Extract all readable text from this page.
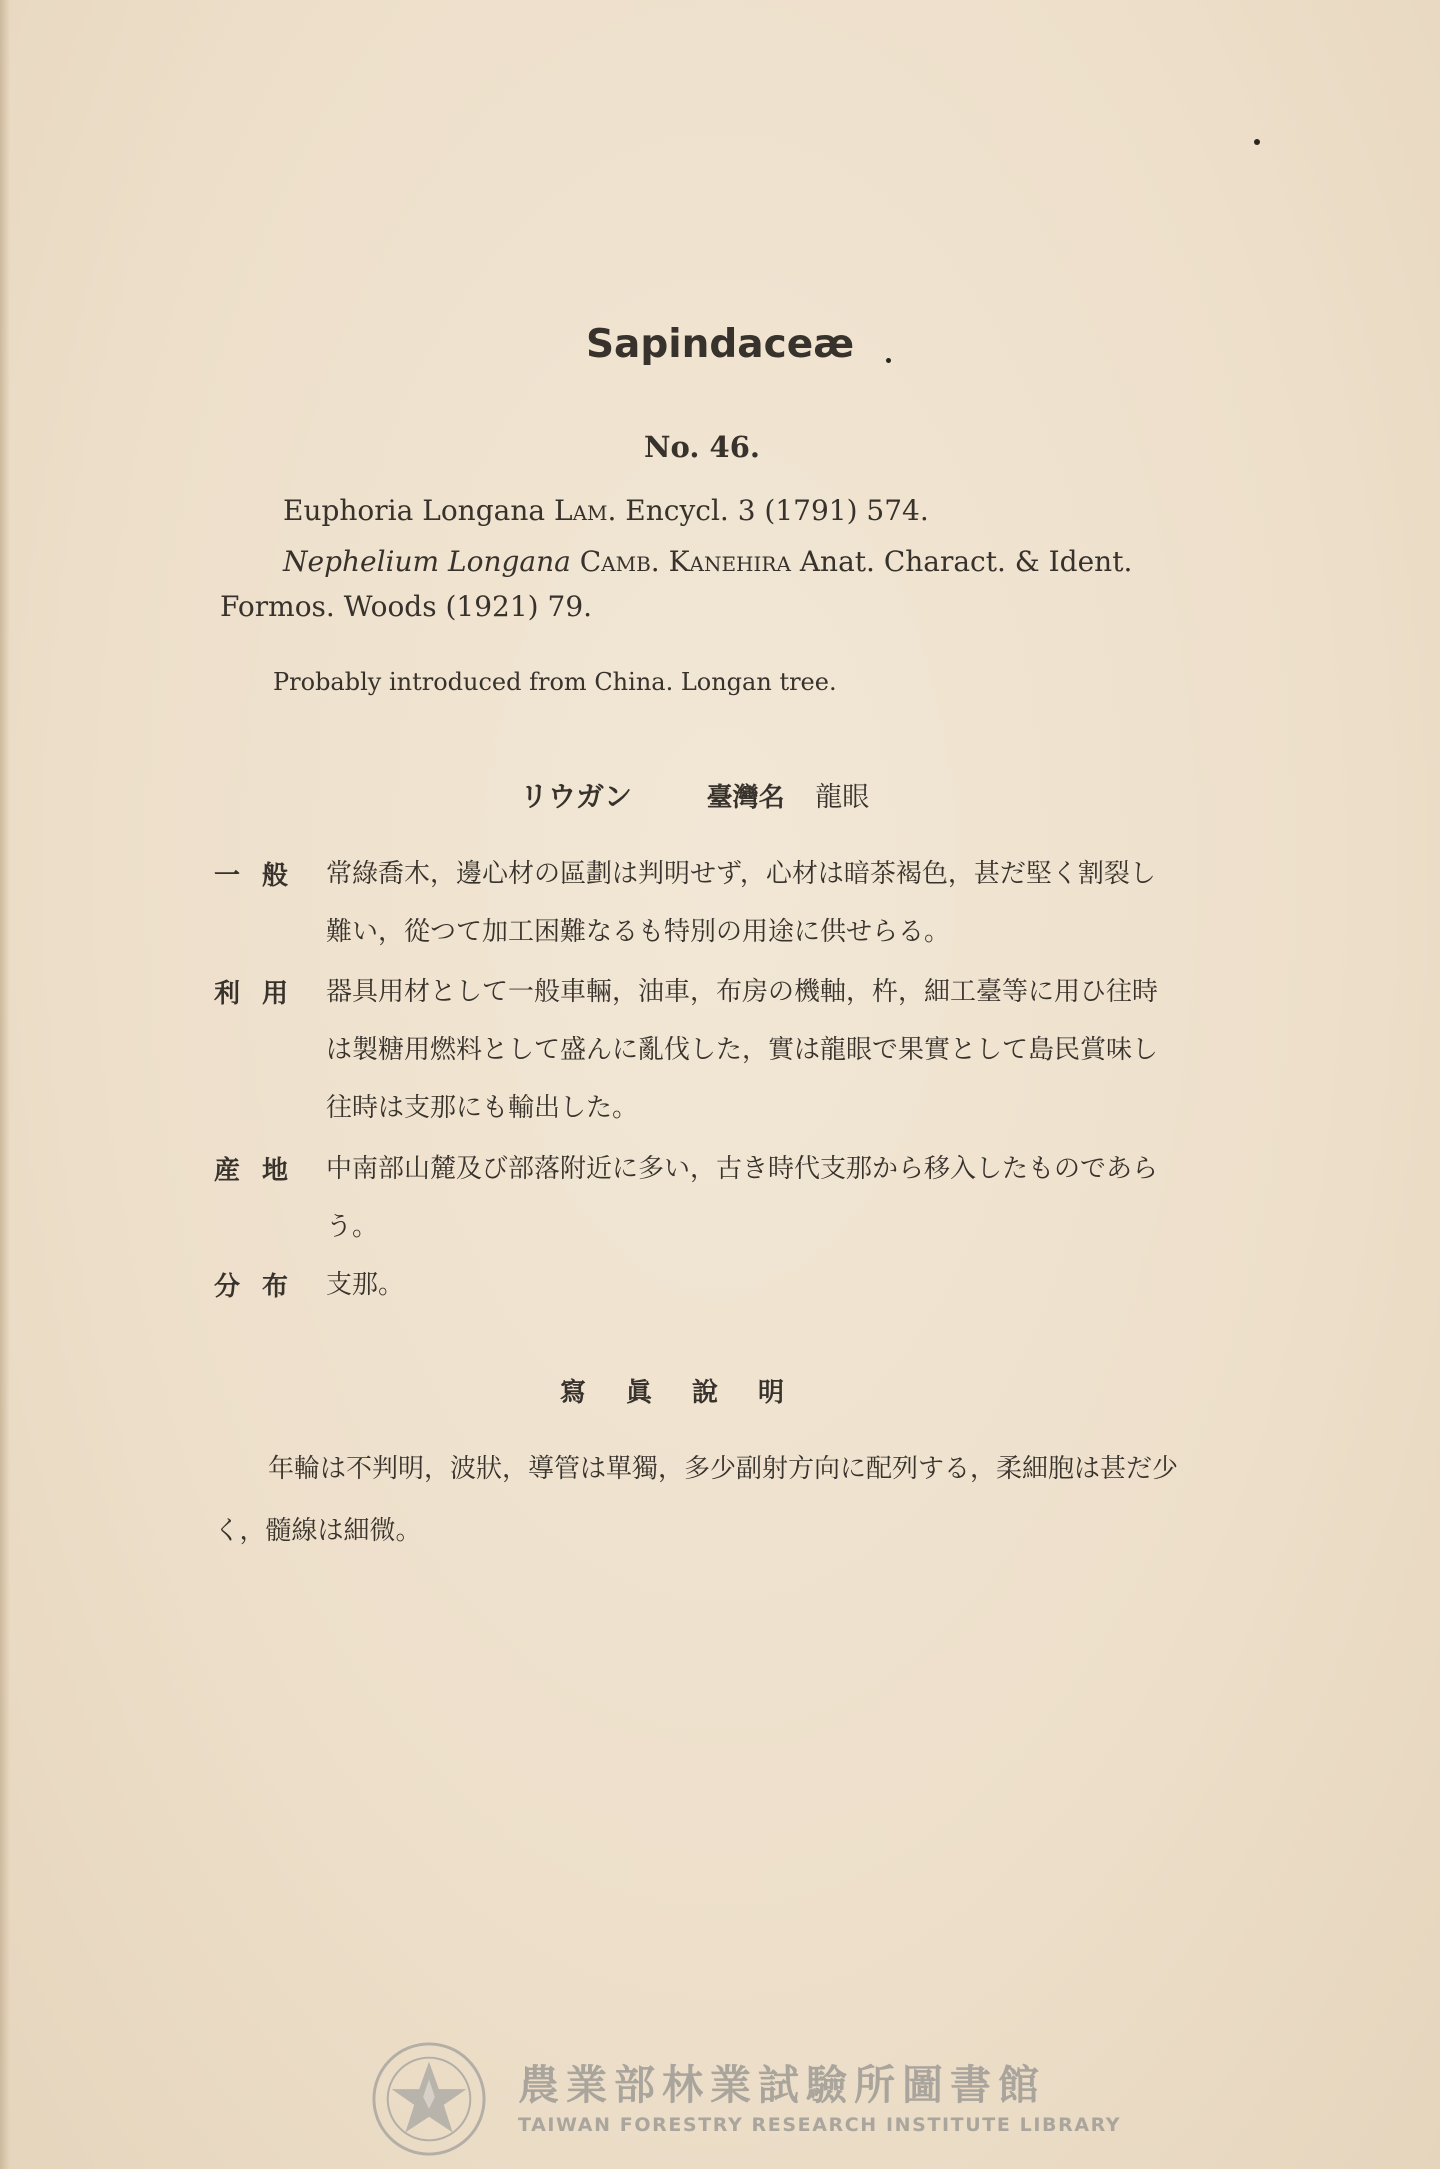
Sapindaceæ
No. 46.
Euphoria Longana Lam. Encycl. 3 (1791) 574.
Nephelium Longana Camb. Kanehira Anat. Charact. & Ident.
Formos. Woods (1921) 79.
Probably introduced from China. Longan tree.
リウガン	臺灣名 龍眼
一般 常綠喬木，邊心材の區劃は判明せず，心材は暗茶褐色，甚だ堅く割裂し難い，從つて加工困難なるも特別の用途に供せらる。
利用 器具用材として一般車輛，油車，布房の機軸，杵，細工臺等に用ひ往時は製糖用燃料として盛んに亂伐した，實は龍眼で果實として島民賞味し往時は支那にも輸出した。
産地 中南部山麓及び部落附近に多い，古き時代支那から移入したものであらう。
分布 支那。
寫眞說明
年輪は不判明，波狀，導管は單獨，多少副射方向に配列する，柔細胞は甚だ少く，髓線は細微。
農業部林業試驗所圖書館
TAIWAN FORESTRY RESEARCH INSTITUTE LIBRARY
